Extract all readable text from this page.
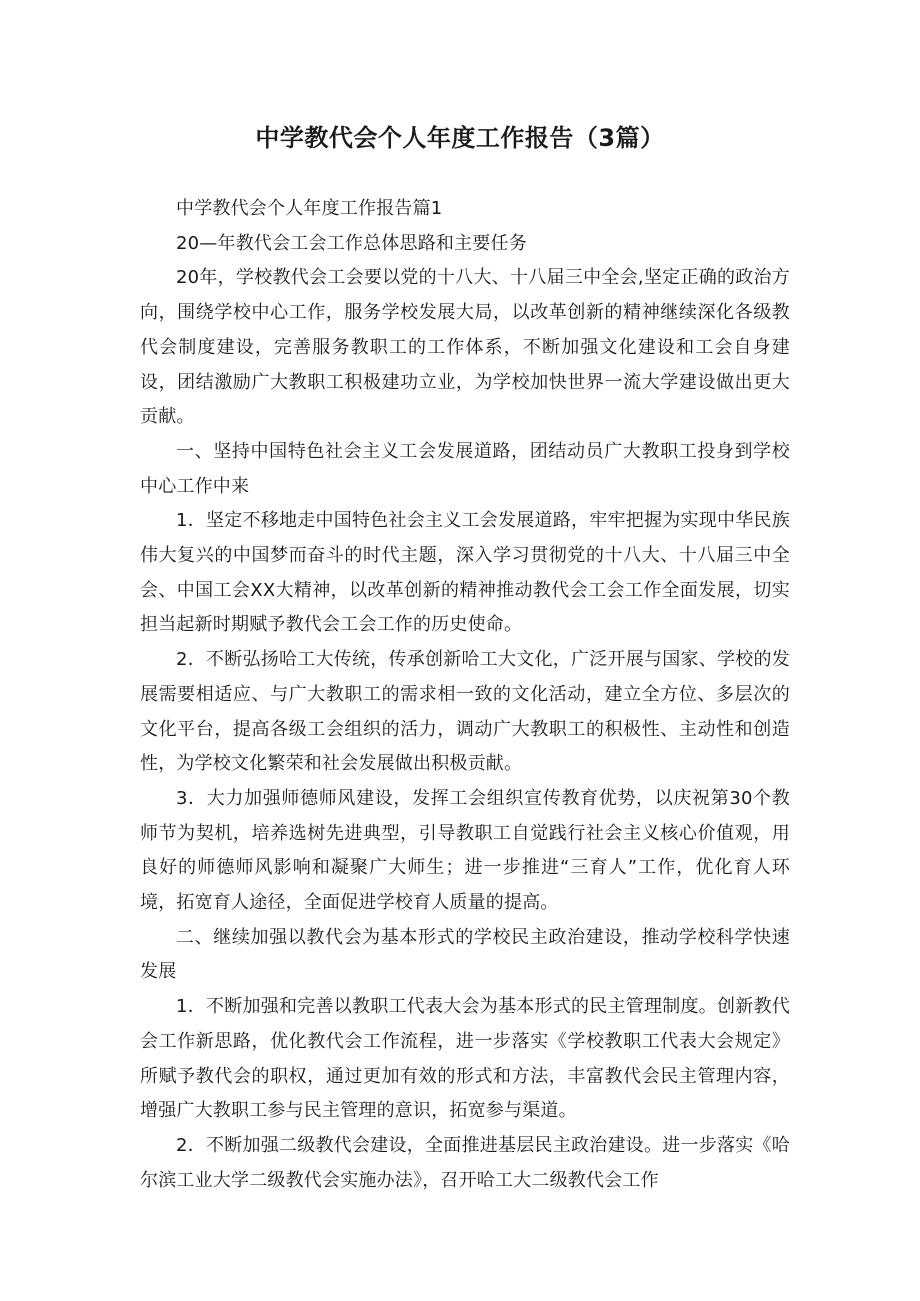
中学教代会个人年度工作报告（3篇）

中学教代会个人年度工作报告篇1

20—年教代会工会工作总体思路和主要任务

20年，学校教代会工会要以党的十八大、十八届三中全会,坚定正确的政治方向，围绕学校中心工作，服务学校发展大局，以改革创新的精神继续深化各级教代会制度建设，完善服务教职工的工作体系，不断加强文化建设和工会自身建设，团结激励广大教职工积极建功立业，为学校加快世界一流大学建设做出更大贡献。

一、坚持中国特色社会主义工会发展道路，团结动员广大教职工投身到学校中心工作中来

1．坚定不移地走中国特色社会主义工会发展道路，牢牢把握为实现中华民族伟大复兴的中国梦而奋斗的时代主题，深入学习贯彻党的十八大、十八届三中全会、中国工会XX大精神，以改革创新的精神推动教代会工会工作全面发展，切实担当起新时期赋予教代会工会工作的历史使命。

2．不断弘扬哈工大传统，传承创新哈工大文化，广泛开展与国家、学校的发展需要相适应、与广大教职工的需求相一致的文化活动，建立全方位、多层次的文化平台，提高各级工会组织的活力，调动广大教职工的积极性、主动性和创造性，为学校文化繁荣和社会发展做出积极贡献。

3．大力加强师德师风建设，发挥工会组织宣传教育优势，以庆祝第30个教师节为契机，培养选树先进典型，引导教职工自觉践行社会主义核心价值观，用良好的师德师风影响和凝聚广大师生；进一步推进“三育人”工作，优化育人环境，拓宽育人途径，全面促进学校育人质量的提高。

二、继续加强以教代会为基本形式的学校民主政治建设，推动学校科学快速发展

1．不断加强和完善以教职工代表大会为基本形式的民主管理制度。创新教代会工作新思路，优化教代会工作流程，进一步落实《学校教职工代表大会规定》所赋予教代会的职权，通过更加有效的形式和方法，丰富教代会民主管理内容，增强广大教职工参与民主管理的意识，拓宽参与渠道。

2．不断加强二级教代会建设，全面推进基层民主政治建设。进一步落实《哈尔滨工业大学二级教代会实施办法》，召开哈工大二级教代会工作
